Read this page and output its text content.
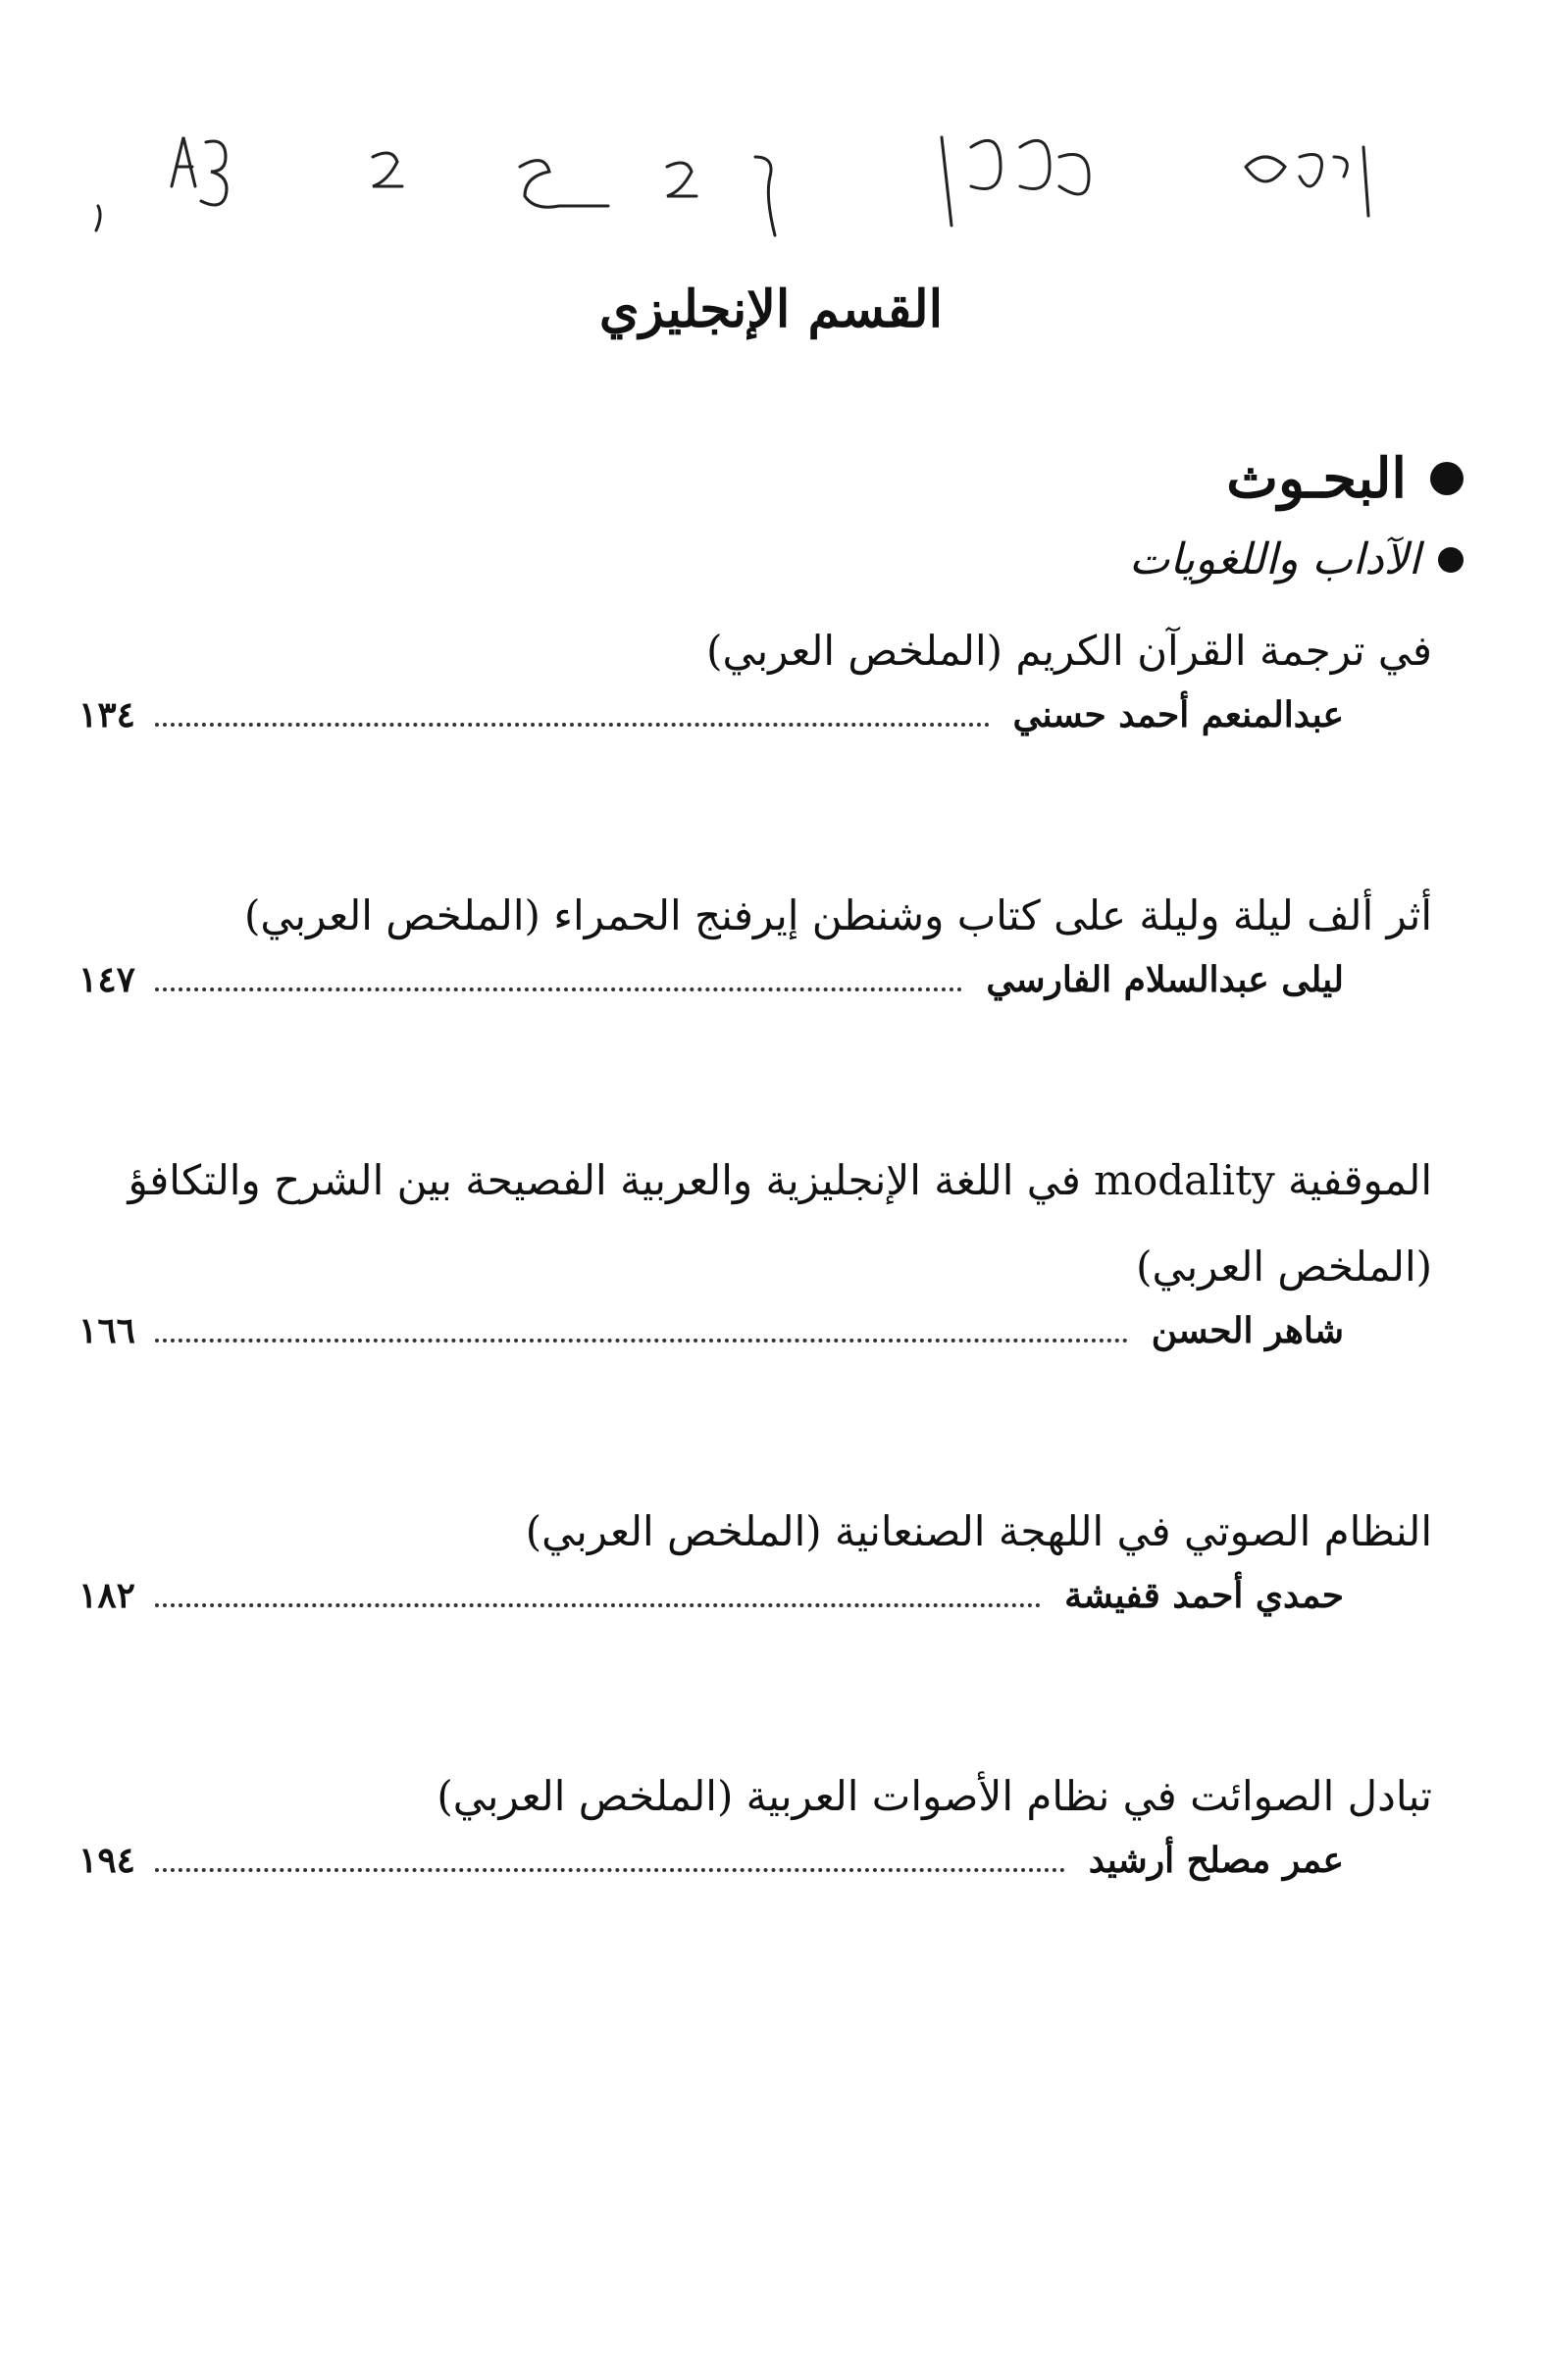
القسم الإنجليزي
البحـوث
الآداب واللغويات
في ترجمة القرآن الكريم (الملخص العربي)
عبدالمنعم أحمد حسني
١٣٤
أثر ألف ليلة وليلة على كتاب وشنطن إيرفنج الحمراء (الملخص العربي)
ليلى عبدالسلام الفارسي
١٤٧
الموقفية modality في اللغة الإنجليزية والعربية الفصيحة بين الشرح والتكافؤ (الملخص العربي)
شاهر الحسن
١٦٦
النظام الصوتي في اللهجة الصنعانية (الملخص العربي)
حمدي أحمد قفيشة
١٨٢
تبادل الصوائت في نظام الأصوات العربية (الملخص العربي)
عمر مصلح أرشيد
١٩٤
